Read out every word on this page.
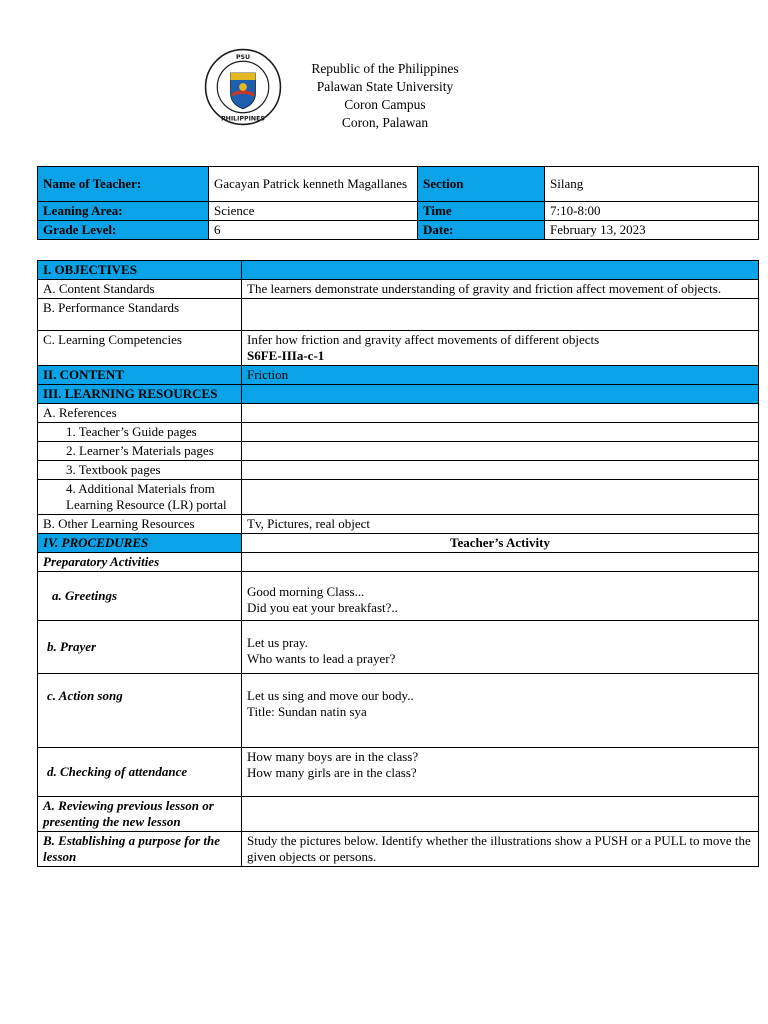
PSU
PHILIPPINES
Republic of the Philippines
Palawan State University
Coron Campus
Coron, Palawan
Name of Teacher:	Gacayan Patrick kenneth Magallanes	Section	Silang
Leaning Area:	Science	Time	7:10-8:00
Grade Level:	6	Date:	February 13, 2023
I. OBJECTIVES	
A. Content Standards	The learners demonstrate understanding of gravity and friction affect movement of objects.
B. Performance Standards	
C. Learning Competencies	Infer how friction and gravity affect movements of different objects
S6FE-IIIa-c-1

II. CONTENT	Friction
III. LEARNING RESOURCES	
A. References	
1. Teacher’s Guide pages	
2. Learner’s Materials pages	
3. Textbook pages	
4. Additional Materials from Learning Resource (LR) portal	
B. Other Learning Resources	Tv, Pictures, real object
IV. PROCEDURES	Teacher’s Activity
Preparatory Activities	
a. Greetings	Good morning Class...
Did you eat your breakfast?..

b. Prayer	Let us pray.
Who wants to lead a prayer?

c. Action song	Let us sing and move our body..
Title: Sundan natin sya

d. Checking of attendance	How many boys are in the class?
How many girls are in the class?

A. Reviewing previous lesson or presenting the new lesson	
B. Establishing a purpose for the lesson	Study the pictures below. Identify whether the illustrations show a PUSH or a PULL to move the given objects or persons.
